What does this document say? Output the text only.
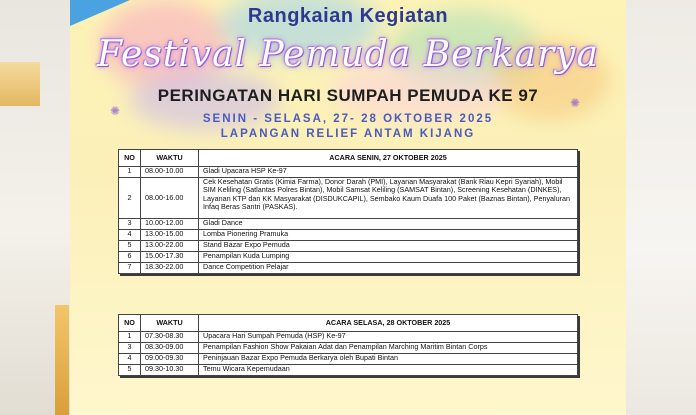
✺
✺
Rangkaian Kegiatan
Festival Pemuda Berkarya
PERINGATAN HARI SUMPAH PEMUDA KE 97
SENIN - SELASA, 27- 28 OKTOBER 2025
LAPANGAN RELIEF ANTAM KIJANG
NO	WAKTU	ACARA SENIN, 27 OKTOBER 2025
1	08.00-10.00	Gladi Upacara HSP Ke-97
2	08.00-16.00	Cek Kesehatan Gratis (Kimia Farma), Donor Darah (PMI), Layanan Masyarakat (Bank Riau Kepri Syariah), Mobil SIM Keliling (Satlantas Polres Bintan), Mobil Samsat Keliling (SAMSAT Bintan), Screening Kesehatan (DINKES), Layanan KTP dan KK Masyarakat (DISDUKCAPIL), Sembako Kaum Duafa 100 Paket (Baznas Bintan), Penyaluran Infaq Beras Santri (PASKAS).
3	10.00-12.00	Gladi Dance
4	13.00-15.00	Lomba Pionering Pramuka
5	13.00-22.00	Stand Bazar Expo Pemuda
6	15.00-17.30	Penampilan Kuda Lumping
7	18.30-22.00	Dance Competition Pelajar
NO	WAKTU	ACARA SELASA, 28 OKTOBER 2025
1	07.30-08.30	Upacara Hari Sumpah Pemuda (HSP) Ke-97
3	08.30-09.00	Penampilan Fashion Show Pakaian Adat dan Penampilan Marching Maritim Bintan Corps
4	09.00-09.30	Peninjauan Bazar Expo Pemuda Berkarya oleh Bupati Bintan
5	09.30-10.30	Temu Wicara Kepemudaan
